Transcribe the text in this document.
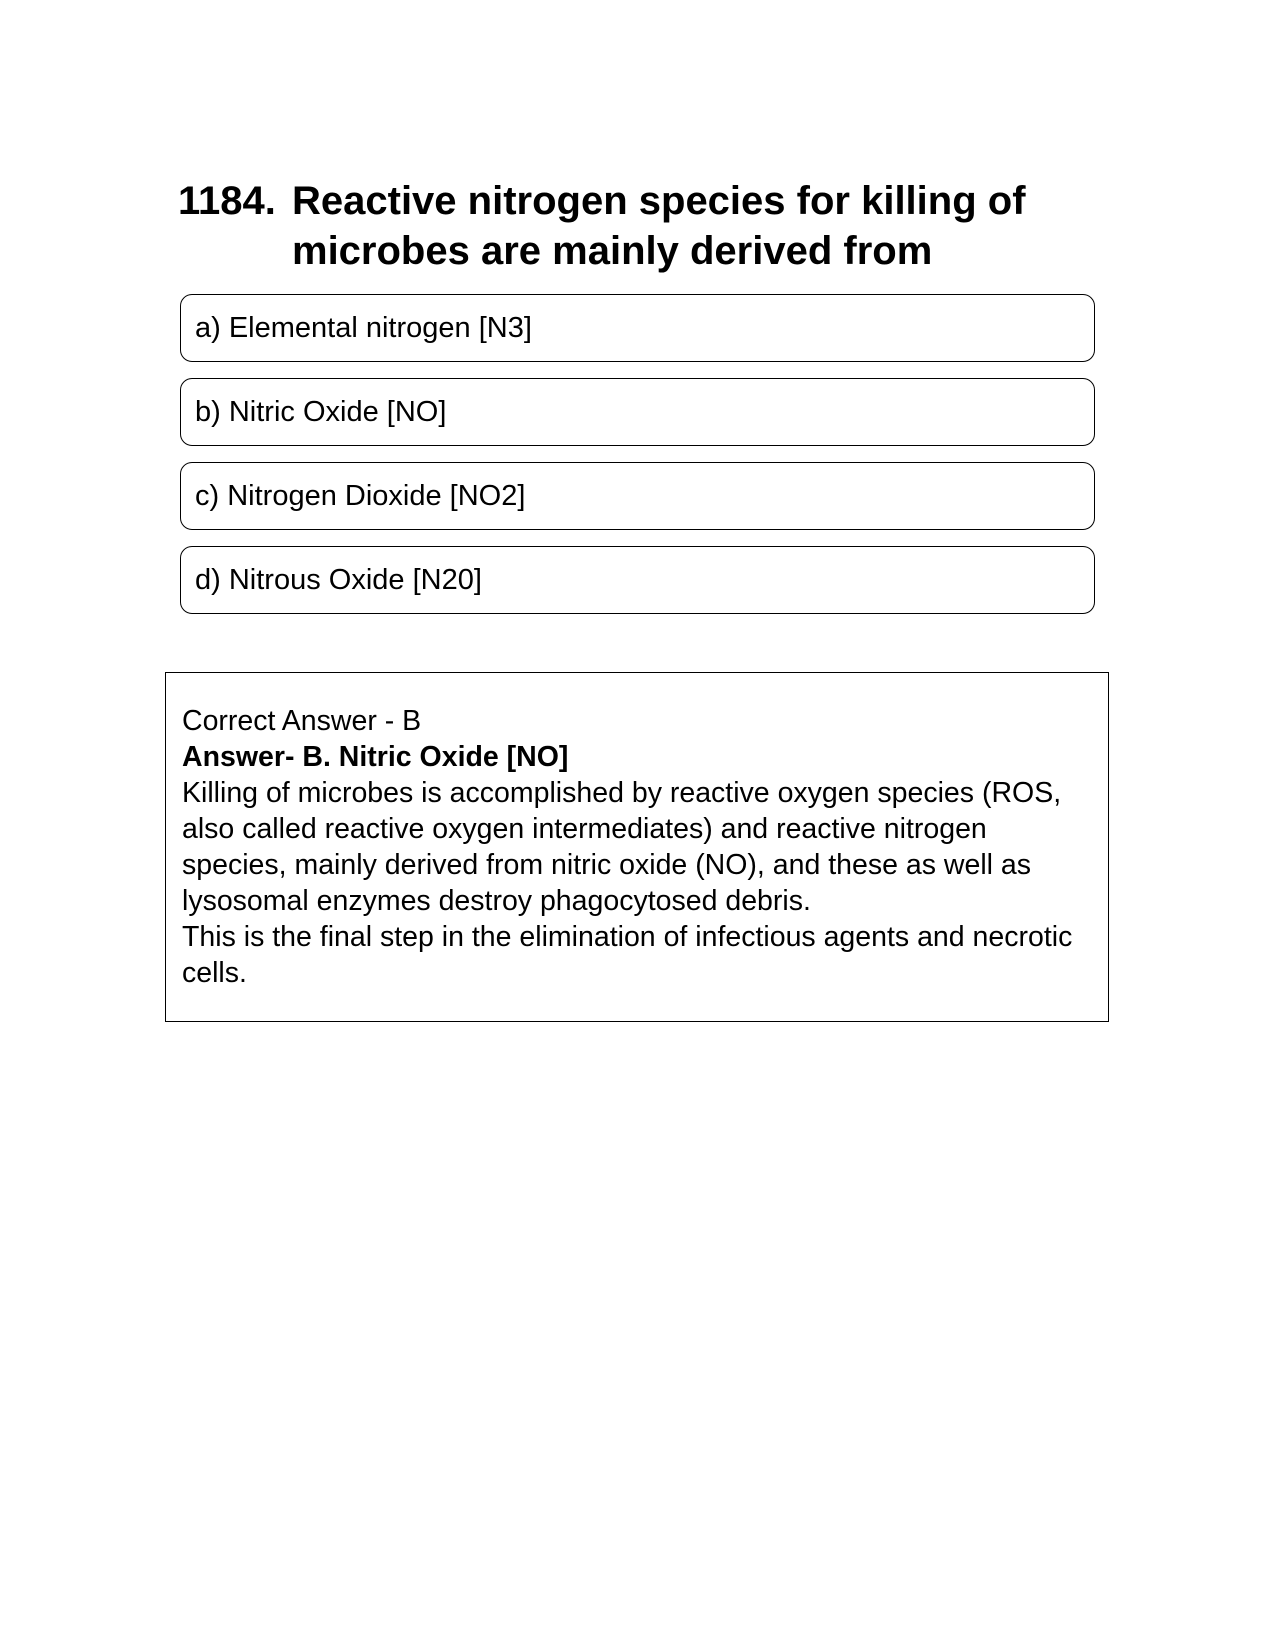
1184. Reactive nitrogen species for killing of microbes are mainly derived from
a) Elemental nitrogen [N3]
b) Nitric Oxide [NO]
c) Nitrogen Dioxide [NO2]
d) Nitrous Oxide [N20]
Correct Answer - B
Answer- B. Nitric Oxide [NO]
Killing of microbes is accomplished by reactive oxygen species (ROS, also called reactive oxygen intermediates) and reactive nitrogen species, mainly derived from nitric oxide (NO), and these as well as lysosomal enzymes destroy phagocytosed debris.
This is the final step in the elimination of infectious agents and necrotic cells.
